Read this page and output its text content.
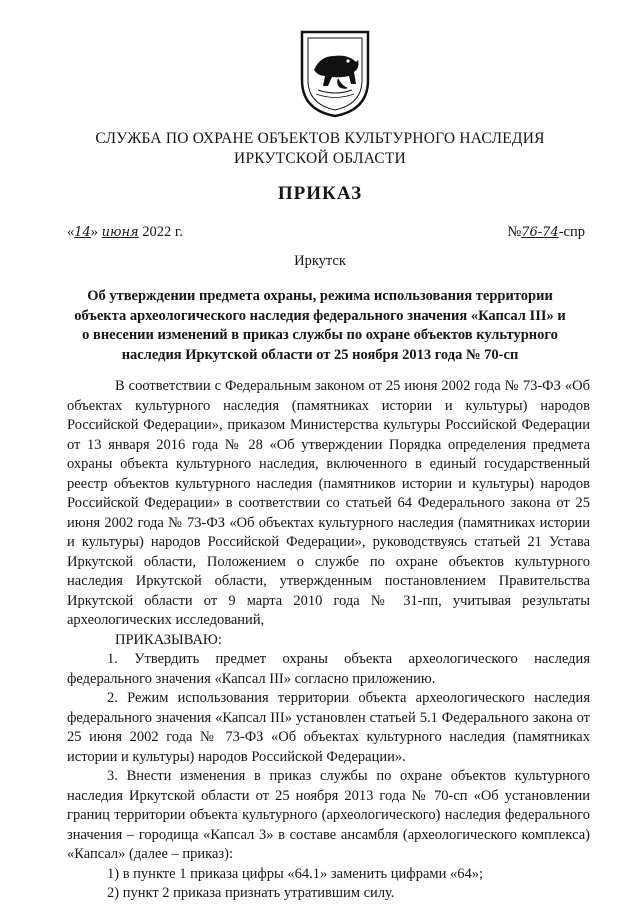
СЛУЖБА ПО ОХРАНЕ ОБЪЕКТОВ КУЛЬТУРНОГО НАСЛЕДИЯ
ИРКУТСКОЙ ОБЛАСТИ
ПРИКАЗ
«14» июня 2022 г.	№76-74-спр
Иркутск
Об утверждении предмета охраны, режима использования территории объекта археологического наследия федерального значения «Капсал III» и о внесении изменений в приказ службы по охране объектов культурного наследия Иркутской области от 25 ноября 2013 года № 70-сп

В соответствии с Федеральным законом от 25 июня 2002 года № 73-ФЗ «Об объектах культурного наследия (памятниках истории и культуры) народов Российской Федерации», приказом Министерства культуры Российской Федерации от 13 января 2016 года № 28 «Об утверждении Порядка определения предмета охраны объекта культурного наследия, включенного в единый государственный реестр объектов культурного наследия (памятников истории и культуры) народов Российской Федерации» в соответствии со статьей 64 Федерального закона от 25 июня 2002 года № 73-ФЗ «Об объектах культурного наследия (памятниках истории и культуры) народов Российской Федерации», руководствуясь статьей 21 Устава Иркутской области, Положением о службе по охране объектов культурного наследия Иркутской области, утвержденным постановлением Правительства Иркутской области от 9 марта 2010 года № 31-пп, учитывая результаты археологических исследований,

ПРИКАЗЫВАЮ:

1. Утвердить предмет охраны объекта археологического наследия федерального значения «Капсал III» согласно приложению.

2. Режим использования территории объекта археологического наследия федерального значения «Капсал III» установлен статьей 5.1 Федерального закона от 25 июня 2002 года № 73-ФЗ «Об объектах культурного наследия (памятниках истории и культуры) народов Российской Федерации».

3. Внести изменения в приказ службы по охране объектов культурного наследия Иркутской области от 25 ноября 2013 года № 70-сп «Об установлении границ территории объекта культурного (археологического) наследия федерального значения – городища «Капсал 3» в составе ансамбля (археологического комплекса) «Капсал» (далее – приказ):

1) в пункте 1 приказа цифры «64.1» заменить цифрами «64»;

2) пункт 2 приказа признать утратившим силу.
